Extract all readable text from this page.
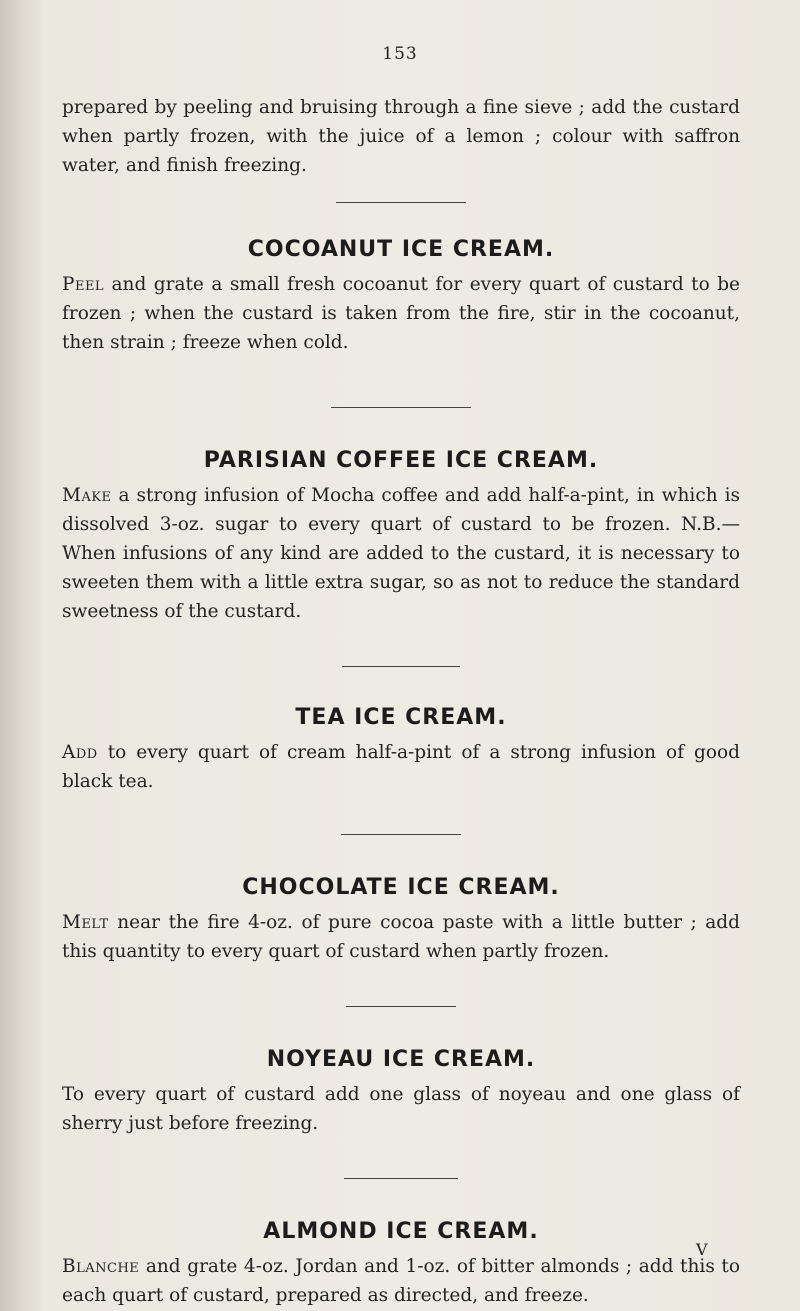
153

prepared by peeling and bruising through a fine sieve ; add the custard when partly frozen, with the juice of a lemon ; colour with saffron water, and finish freezing.

COCOANUT ICE CREAM.

Peel and grate a small fresh cocoanut for every quart of custard to be frozen ; when the custard is taken from the fire, stir in the cocoanut, then strain ; freeze when cold.

PARISIAN COFFEE ICE CREAM.

Make a strong infusion of Mocha coffee and add half-a-pint, in which is dissolved 3-oz. sugar to every quart of custard to be frozen. N.B.— When infusions of any kind are added to the custard, it is necessary to sweeten them with a little extra sugar, so as not to reduce the standard sweetness of the custard.

TEA ICE CREAM.

Add to every quart of cream half-a-pint of a strong infusion of good black tea.

CHOCOLATE ICE CREAM.

Melt near the fire 4-oz. of pure cocoa paste with a little butter ; add this quantity to every quart of custard when partly frozen.

NOYEAU ICE CREAM.

To every quart of custard add one glass of noyeau and one glass of sherry just before freezing.

ALMOND ICE CREAM.

Blanche and grate 4-oz. Jordan and 1-oz. of bitter almonds ; add this to each quart of custard, prepared as directed, and freeze.

V
